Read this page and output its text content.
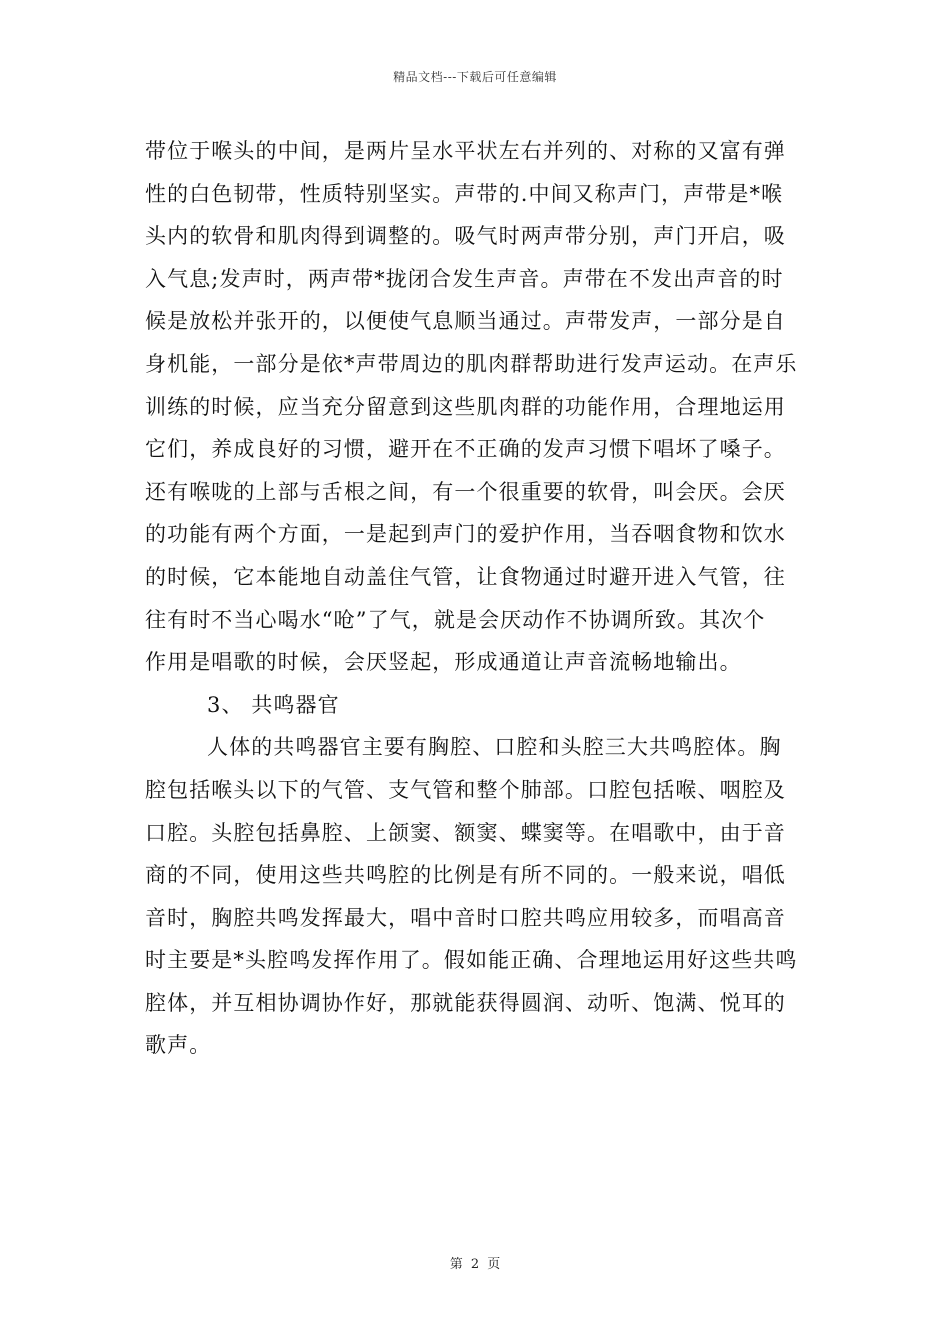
精品文档---下载后可任意编辑
带位于喉头的中间，是两片呈水平状左右并列的、对称的又富有弹
性的白色韧带，性质特别坚实。声带的.中间又称声门，声带是*喉
头内的软骨和肌肉得到调整的。吸气时两声带分别，声门开启，吸
入气息;发声时，两声带*拢闭合发生声音。声带在不发出声音的时
候是放松并张开的，以便使气息顺当通过。声带发声，一部分是自
身机能，一部分是依*声带周边的肌肉群帮助进行发声运动。在声乐
训练的时候，应当充分留意到这些肌肉群的功能作用，合理地运用
它们，养成良好的习惯，避开在不正确的发声习惯下唱坏了嗓子。
还有喉咙的上部与舌根之间，有一个很重要的软骨，叫会厌。会厌
的功能有两个方面，一是起到声门的爱护作用，当吞咽食物和饮水
的时候，它本能地自动盖住气管，让食物通过时避开进入气管，往
往有时不当心喝水“呛”了气，就是会厌动作不协调所致。其次个
作用是唱歌的时候，会厌竖起，形成通道让声音流畅地输出。
3、 共鸣器官
人体的共鸣器官主要有胸腔、口腔和头腔三大共鸣腔体。胸
腔包括喉头以下的气管、支气管和整个肺部。口腔包括喉、咽腔及
口腔。头腔包括鼻腔、上颌窦、额窦、蝶窦等。在唱歌中，由于音
商的不同，使用这些共鸣腔的比例是有所不同的。一般来说，唱低
音时，胸腔共鸣发挥最大，唱中音时口腔共鸣应用较多，而唱高音
时主要是*头腔鸣发挥作用了。假如能正确、合理地运用好这些共鸣
腔体，并互相协调协作好，那就能获得圆润、动听、饱满、悦耳的
歌声。
第 2 页
